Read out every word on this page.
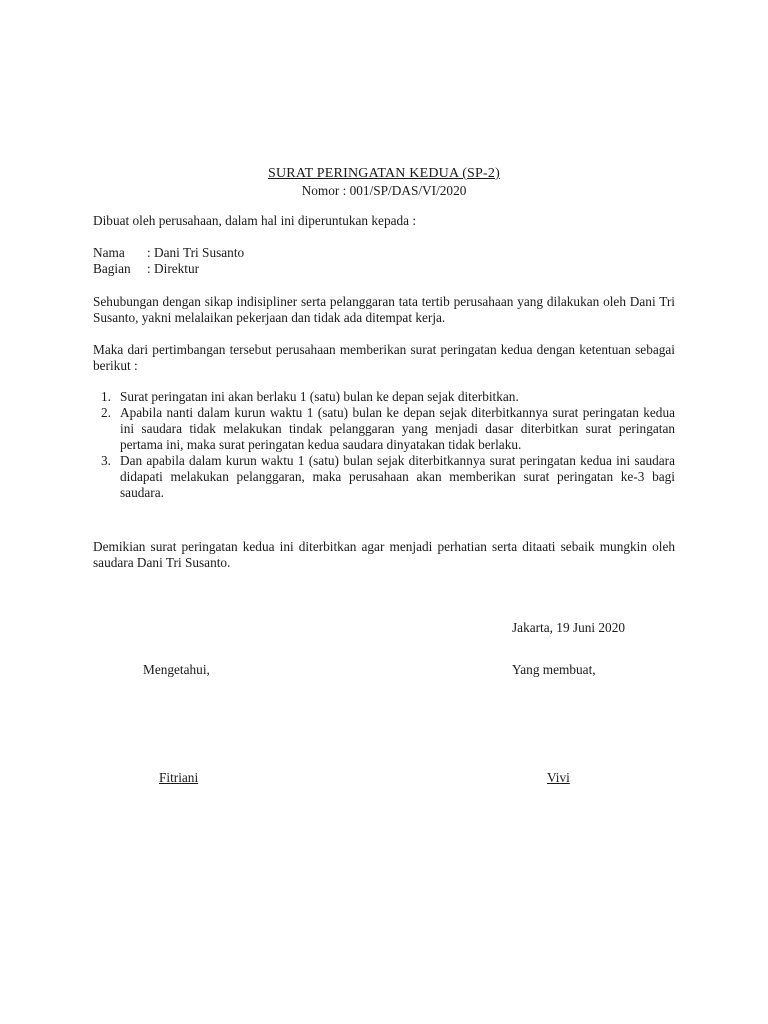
SURAT PERINGATAN KEDUA (SP-2)
Nomor : 001/SP/DAS/VI/2020
Dibuat oleh perusahaan, dalam hal ini diperuntukan kepada :
Nama	: Dani Tri Susanto
Bagian	: Direktur
Sehubungan dengan sikap indisipliner serta pelanggaran tata tertib perusahaan yang dilakukan oleh Dani Tri Susanto, yakni melalaikan pekerjaan dan tidak ada ditempat kerja.
Maka dari pertimbangan tersebut perusahaan memberikan surat peringatan kedua dengan ketentuan sebagai berikut :
1. Surat peringatan ini akan berlaku 1 (satu) bulan ke depan sejak diterbitkan.
2. Apabila nanti dalam kurun waktu 1 (satu) bulan ke depan sejak diterbitkannya surat peringatan kedua ini saudara tidak melakukan tindak pelanggaran yang menjadi dasar diterbitkan surat peringatan pertama ini, maka surat peringatan kedua saudara dinyatakan tidak berlaku.
3. Dan apabila dalam kurun waktu 1 (satu) bulan sejak diterbitkannya surat peringatan kedua ini saudara didapati melakukan pelanggaran, maka perusahaan akan memberikan surat peringatan ke-3 bagi saudara.
Demikian surat peringatan kedua ini diterbitkan agar menjadi perhatian serta ditaati sebaik mungkin oleh saudara Dani Tri Susanto.
Jakarta, 19 Juni 2020
Mengetahui,	Yang membuat,
Fitriani	Vivi
